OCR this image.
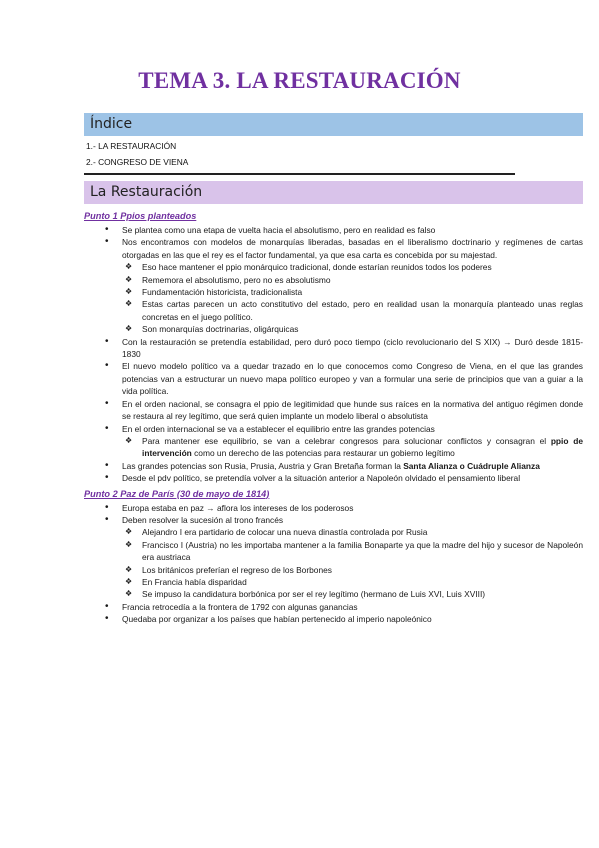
TEMA 3. LA RESTAURACIÓN
Índice
1.- LA RESTAURACIÓN
2.- CONGRESO DE VIENA
La Restauración
Punto 1 Ppios planteados
• Se plantea como una etapa de vuelta hacia el absolutismo, pero en realidad es falso
• Nos encontramos con modelos de monarquías liberadas, basadas en el liberalismo doctrinario y regímenes de cartas otorgadas en las que el rey es el factor fundamental, ya que esa carta es concebida por su majestad.
❖ Eso hace mantener el ppio monárquico tradicional, donde estarían reunidos todos los poderes
❖ Rememora el absolutismo, pero no es absolutismo
❖ Fundamentación historicista, tradicionalista
❖ Estas cartas parecen un acto constitutivo del estado, pero en realidad usan la monarquía planteado unas reglas concretas en el juego político.
❖ Son monarquías doctrinarias, oligárquicas
• Con la restauración se pretendía estabilidad, pero duró poco tiempo (ciclo revolucionario del S XIX) → Duró desde 1815-1830
• El nuevo modelo político va a quedar trazado en lo que conocemos como Congreso de Viena, en el que las grandes potencias van a estructurar un nuevo mapa político europeo y van a formular una serie de principios que van a guiar a la vida política.
• En el orden nacional, se consagra el ppio de legitimidad que hunde sus raíces en la normativa del antiguo régimen donde se restaura al rey legítimo, que será quien implante un modelo liberal o absolutista
• En el orden internacional se va a establecer el equilibrio entre las grandes potencias
❖ Para mantener ese equilibrio, se van a celebrar congresos para solucionar conflictos y consagran el ppio de intervención como un derecho de las potencias para restaurar un gobierno legítimo
• Las grandes potencias son Rusia, Prusia, Austria y Gran Bretaña forman la Santa Alianza o Cuádruple Alianza
• Desde el pdv político, se pretendía volver a la situación anterior a Napoleón olvidado el pensamiento liberal
Punto 2 Paz de París (30 de mayo de 1814)
• Europa estaba en paz → aflora los intereses de los poderosos
• Deben resolver la sucesión al trono francés
❖ Alejandro I era partidario de colocar una nueva dinastía controlada por Rusia
❖ Francisco I (Austria) no les importaba mantener a la familia Bonaparte ya que la madre del hijo y sucesor de Napoleón era austriaca
❖ Los británicos preferían el regreso de los Borbones
❖ En Francia había disparidad
❖ Se impuso la candidatura borbónica por ser el rey legítimo (hermano de Luis XVI, Luis XVIII)
• Francia retrocedía a la frontera de 1792 con algunas ganancias
• Quedaba por organizar a los países que habían pertenecido al imperio napoleónico
